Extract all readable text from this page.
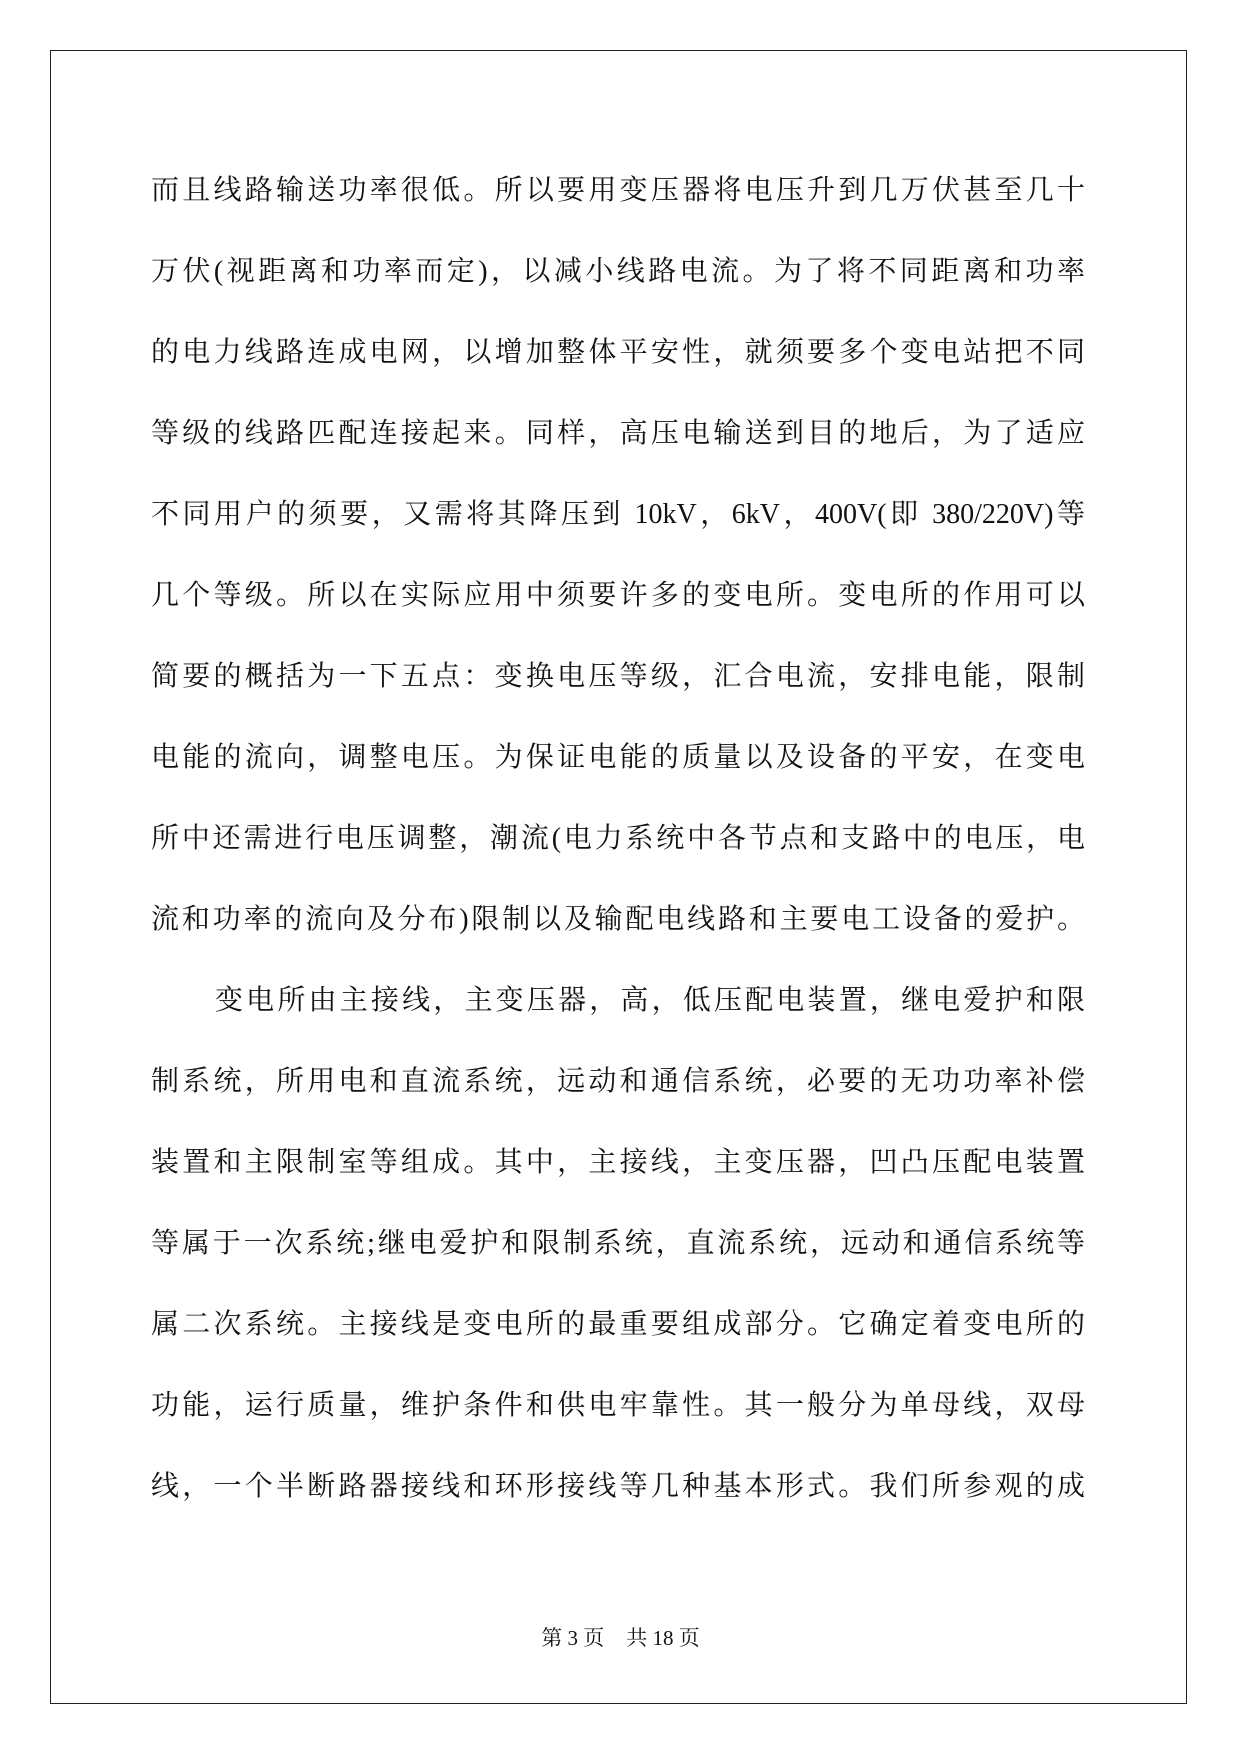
而且线路输送功率很低。所以要用变压器将电压升到几万伏甚至几十
万伏(视距离和功率而定)，以减小线路电流。为了将不同距离和功率
的电力线路连成电网，以增加整体平安性，就须要多个变电站把不同
等级的线路匹配连接起来。同样，高压电输送到目的地后，为了适应
不同用户的须要，又需将其降压到 10kV，6kV，400V(即 380/220V)等
几个等级。所以在实际应用中须要许多的变电所。变电所的作用可以
简要的概括为一下五点：变换电压等级，汇合电流，安排电能，限制
电能的流向，调整电压。为保证电能的质量以及设备的平安，在变电
所中还需进行电压调整，潮流(电力系统中各节点和支路中的电压，电
流和功率的流向及分布)限制以及输配电线路和主要电工设备的爱护。
变电所由主接线，主变压器，高，低压配电装置，继电爱护和限
制系统，所用电和直流系统，远动和通信系统，必要的无功功率补偿
装置和主限制室等组成。其中，主接线，主变压器，凹凸压配电装置
等属于一次系统;继电爱护和限制系统，直流系统，远动和通信系统等
属二次系统。主接线是变电所的最重要组成部分。它确定着变电所的
功能，运行质量，维护条件和供电牢靠性。其一般分为单母线，双母
线，一个半断路器接线和环形接线等几种基本形式。我们所参观的成
第 3 页 共 18 页
